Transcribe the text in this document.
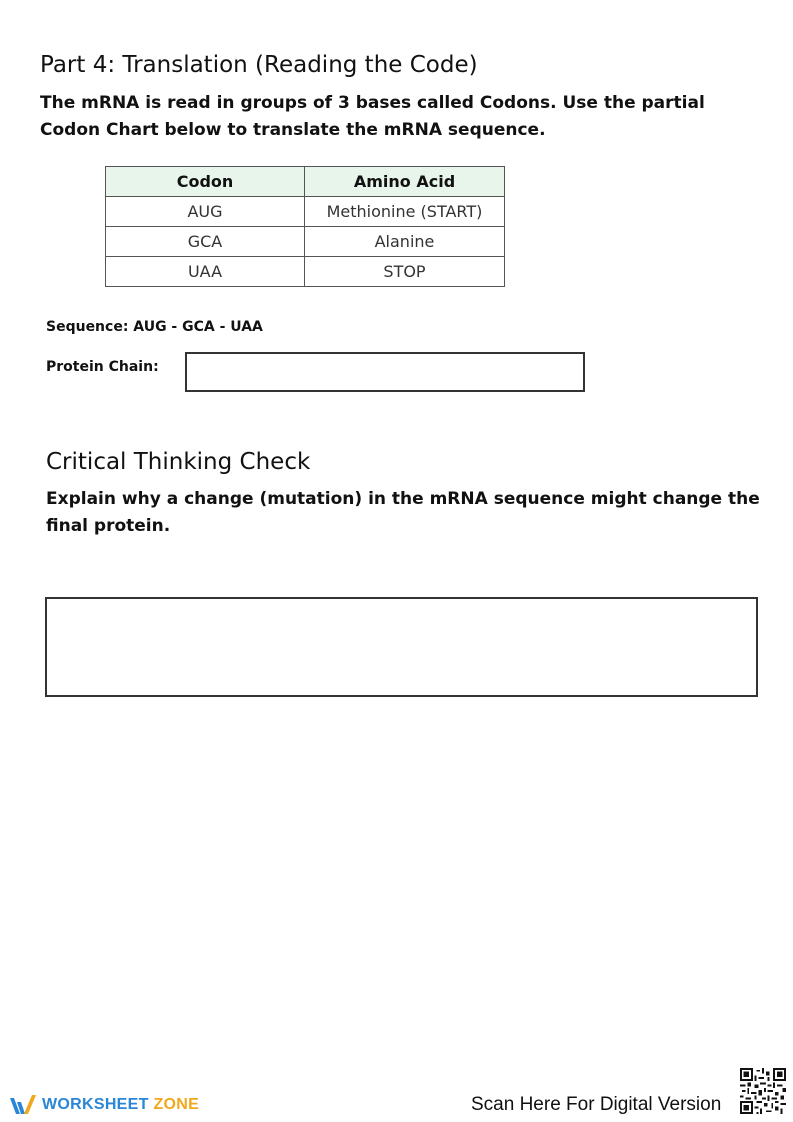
Part 4: Translation (Reading the Code)
The mRNA is read in groups of 3 bases called Codons. Use the partial Codon Chart below to translate the mRNA sequence.
Codon	Amino Acid
AUG	Methionine (START)
GCA	Alanine
UAA	STOP
Sequence: AUG - GCA - UAA
Protein Chain:
Critical Thinking Check
Explain why a change (mutation) in the mRNA sequence might change the final protein.
WORKSHEET ZONE	Scan Here For Digital Version
